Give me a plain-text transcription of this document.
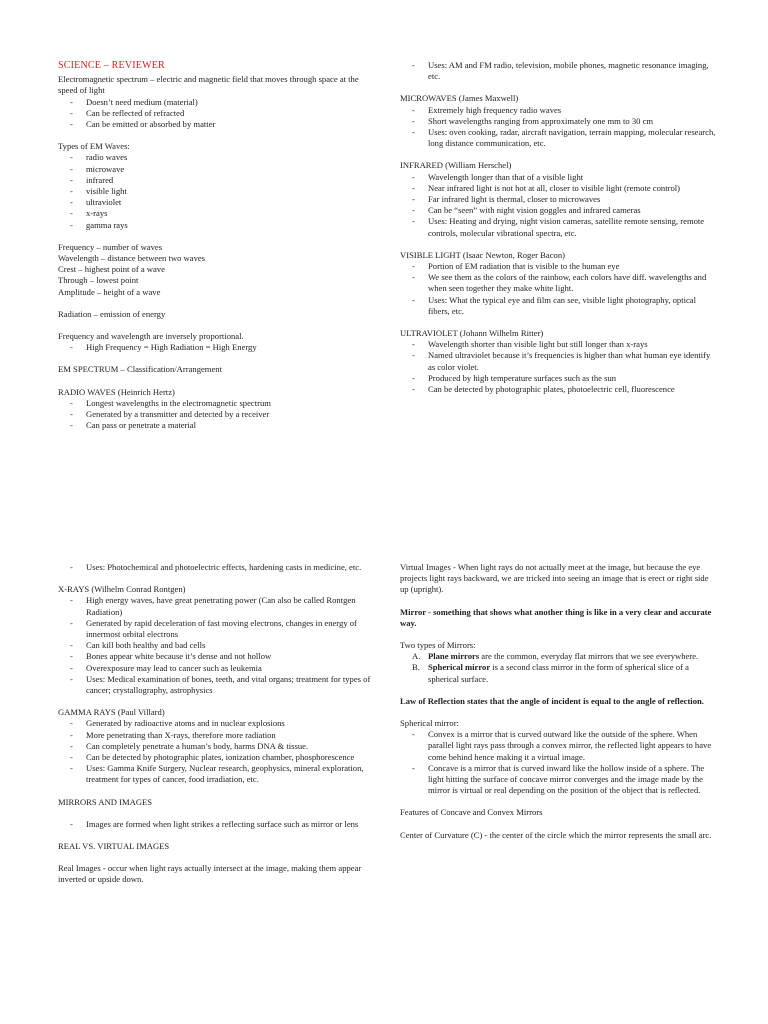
SCIENCE – REVIEWER

Electromagnetic spectrum – electric and magnetic field that moves through space at the speed of light

- Doesn’t need medium (material)
- Can be reflected of refracted
- Can be emitted or absorbed by matter

Types of EM Waves:

- radio waves
- microwave
- infrared
- visible light
- ultraviolet
- x-rays
- gamma rays

Frequency – number of waves

Wavelength – distance between two waves

Crest – highest point of a wave

Through – lowest point

Amplitude – height of a wave

Radiation – emission of energy

Frequency and wavelength are inversely proportional.

- High Frequency = High Radiation = High Energy

EM SPECTRUM – Classification/Arrangement

RADIO WAVES (Heinrich Hertz)

- Longest wavelengths in the electromagnetic spectrum
- Generated by a transmitter and detected by a receiver
- Can pass or penetrate a material
- Uses: AM and FM radio, television, mobile phones, magnetic resonance imaging, etc.

MICROWAVES (James Maxwell)

- Extremely high frequency radio waves
- Short wavelengths ranging from approximately one mm to 30 cm
- Uses: oven cooking, radar, aircraft navigation, terrain mapping, molecular research, long distance communication, etc.

INFRARED (William Herschel)

- Wavelength longer than that of a visible light
- Near infrared light is not hot at all, closer to visible light (remote control)
- Far infrared light is thermal, closer to microwaves
- Can be “seen” with night vision goggles and infrared cameras
- Uses: Heating and drying, night vision cameras, satellite remote sensing, remote controls, molecular vibrational spectra, etc.

VISIBLE LIGHT (Isaac Newton, Roger Bacon)

- Portion of EM radiation that is visible to the human eye
- We see them as the colors of the rainbow, each colors have diff. wavelengths and when seen together they make white light.
- Uses: What the typical eye and film can see, visible light photography, optical fibers, etc.

ULTRAVIOLET (Johann Wilhelm Ritter)

- Wavelength shorter than visible light but still longer than x-rays
- Named ultraviolet because it’s frequencies is higher than what human eye identify as color violet.
- Produced by high temperature surfaces such as the sun
- Can be detected by photographic plates, photoelectric cell, fluorescence
- Uses: Photochemical and photoelectric effects, hardening casts in medicine, etc.

X-RAYS (Wilhelm Conrad Rontgen)

- High energy waves, have great penetrating power (Can also be called Rontgen Radiation)
- Generated by rapid deceleration of fast moving electrons, changes in energy of innermost orbital electrons
- Can kill both healthy and bad cells
- Bones appear white because it’s dense and not hollow
- Overexposure may lead to cancer such as leukemia
- Uses: Medical examination of bones, teeth, and vital organs; treatment for types of cancer; crystallography, astrophysics

GAMMA RAYS (Paul Villard)

- Generated by radioactive atoms and in nuclear explosions
- More penetrating than X-rays, therefore more radiation
- Can completely penetrate a human’s body, harms DNA & tissue.
- Can be detected by photographic plates, ionization chamber, phosphorescence
- Uses: Gamma Knife Surgery, Nuclear research, geophysics, mineral exploration, treatment for types of cancer, food irradiation, etc.

MIRRORS AND IMAGES

- Images are formed when light strikes a reflecting surface such as mirror or lens

REAL VS. VIRTUAL IMAGES

Real Images - occur when light rays actually intersect at the image, making them appear inverted or upside down.

Virtual Images - When light rays do not actually meet at the image, but because the eye projects light rays backward, we are tricked into seeing an image that is erect or right side up (upright).

Mirror - something that shows what another thing is like in a very clear and accurate way.

Two types of Mirrors:

A. Plane mirrors are the common, everyday flat mirrors that we see everywhere.
B. Spherical mirror is a second class mirror in the form of spherical slice of a spherical surface.

Law of Reflection states that the angle of incident is equal to the angle of reflection.

Spherical mirror:

- Convex is a mirror that is curved outward like the outside of the sphere. When parallel light rays pass through a convex mirror, the reflected light appears to have come behind hence making it a virtual image.
- Concave is a mirror that is curved inward like the hollow inside of a sphere. The light hitting the surface of concave mirror converges and the image made by the mirror is virtual or real depending on the position of the object that is reflected.

Features of Concave and Convex Mirrors

Center of Curvature (C) - the center of the circle which the mirror represents the small arc.
